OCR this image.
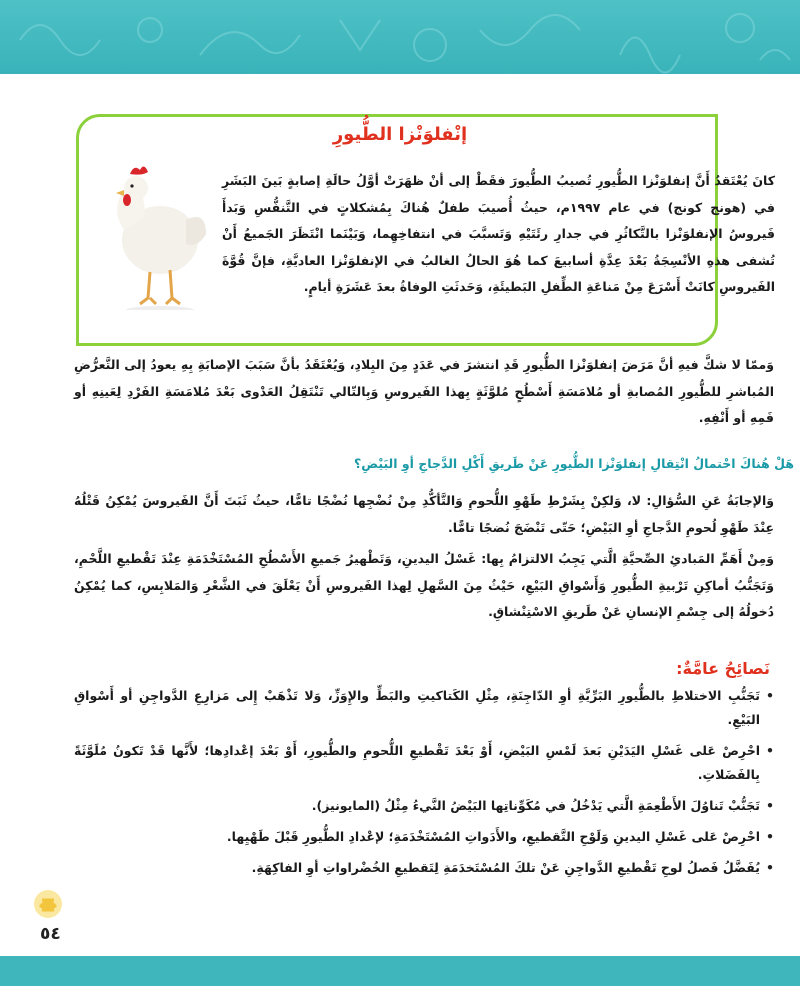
إنْفلوَنْزا الطُّيورِ
كانَ يُعْتَقدُ أَنَّ إنفلوَنْزا الطُّيورِ تُصيبُ الطُّيورَ فقَطْ إلى أنْ ظهَرَتْ أوَّلُ حالَةِ إصابةٍ بَينَ البَشَرِ في (هونج كونج) في عام ١٩٩٧م، حيثُ أُصيبَ طفلٌ هُناكَ بِمُشكلاتٍ في التَّنفُّسِ وَبَدأَ فَيروسُ الإنفلوَنْزا بالتَّكاثُرِ في جدارِ رئَتَيْهِ وَتَسبَّبَ في انتفاخِهِما، وَبَيْنَما انْتَظَرَ الجَميعُ أَنْ تُشفى هذهِ الأنْسِجَةُ بَعْدَ عِدَّةِ أسابيعَ كما هُوَ الحالُ الغالبُ في الإنفلوَنْزا العاديَّةِ، فإنَّ قُوَّةَ الفَيروسِ كانَتْ أَسْرَعَ مِنْ مَناعَةِ الطِّفلِ البَطيئَةِ، وَحَدثَتِ الوفاةُ بعدَ عَشَرَةِ أيامٍ.
وَممّا لا شكَّ فيهِ أنَّ مَرَضَ إنفلوَنْزا الطُّيورِ قَدِ انتشرَ في عَدَدٍ مِنَ البِلادِ، وَيُعْتَقَدُ بأنَّ سَبَبَ الإصابَةِ بِهِ يعودُ إلى التَّعرُّضِ المُباشرِ للطُّيورِ المُصابةِ أو مُلامَسَةِ أَسْطُحٍ مُلوَّثَةٍ بِهذا الفَيروسِ وَبِالتّالي تَنْتَقِلُ العَدْوى بَعْدَ مُلامَسَةِ الفَرْدِ لِعَينِهِ أو فَمِهِ أو أَنْفِهِ.
هَلْ هُناكَ احْتمالُ انْتِقالِ إنفلوَنْزا الطُّيورِ عَنْ طَريقِ أَكْلِ الدَّجاجِ أوِ البَيْضِ؟
وَالإجابَةُ عَنِ السُّؤالِ: لا، وَلكِنْ بِشَرْطِ طَهْوِ اللُّحومِ وَالتَّأكُّدِ مِنْ نُضْجِها نُضْجًا تامًّا، حيثُ ثَبَتَ أَنَّ الفَيروسَ يُمْكِنُ قَتْلُهُ عِنْدَ طَهْوِ لُحومِ الدَّجاجِ أوِ البَيْضِ؛ حَتّى تَنْضَجَ نُضجًا تامًّا.
وَمِنْ أَهَمِّ المَبادئِ الصِّحيَّةِ الَّتي يَجِبُ الالتزامُ بِها: غَسْلُ اليدينِ، وَتَطْهيرُ جَميعِ الأَسْطُحِ المُسْتَخْدَمَةِ عِنْدَ تَقْطيعِ اللَّحْمِ، وَتَجَنُّبُ أماكِنِ تَرْبيةِ الطُّيورِ وَأَسْواقِ البَيْعِ، حَيْثُ مِنَ السَّهلِ لِهذا الفَيروسِ أَنْ يَعْلَقَ في الشَّعْرِ وَالمَلابِسِ، كما يُمْكِنُ دُخولُهُ إلى جِسْمِ الإنسانِ عَنْ طَريقِ الاسْتِنْشاقِ.
نَصائِحُ عامَّةٌ:
• تَجَنُّبِ الاختلاطِ بالطُّيورِ البَرِّيَّةِ أوِ الدّاجِنَةِ، مِثْلِ الكَتاكيتِ والبَطِّ والإِوَزِّ، وَلا تَذْهَبْ إِلى مَزارِعِ الدَّواجِنِ أو أَسْواقِ البَيْعِ.
• احْرِصْ عَلى غَسْلِ اليَدَيْنِ بَعدَ لَمْسِ البَيْضِ، أَوْ بَعْدَ تَقْطيعِ اللُّحومِ والطُّيورِ، أَوْ بَعْدَ إعْدادِها؛ لأَنَّها قَدْ تَكونُ مُلَوَّثَةً بِالفَضَلاتِ.
• تَجَنُّبْ تَناوُلَ الأَطْعِمَةِ الَّتي يَدْخُلُ في مُكَوِّناتِها البَيْضُ النَّيءُ مِثْلُ (المايونيز).
• احْرِصْ عَلى غَسْلِ اليدينِ وَلَوْحِ التَّقطيعِ، والأَدَواتِ المُسْتَخْدَمَةِ؛ لإعْدادِ الطُّيورِ قَبْلَ طَهْيِها.
• يُفَضَّلُ فَصلُ لوحِ تَقْطيعِ الدَّواجِنِ عَنْ تلكَ المُسْتَخدَمَةِ لِتَقطيعِ الخُضْراواتِ أوِ الفاكِهَةِ.
٥٤
